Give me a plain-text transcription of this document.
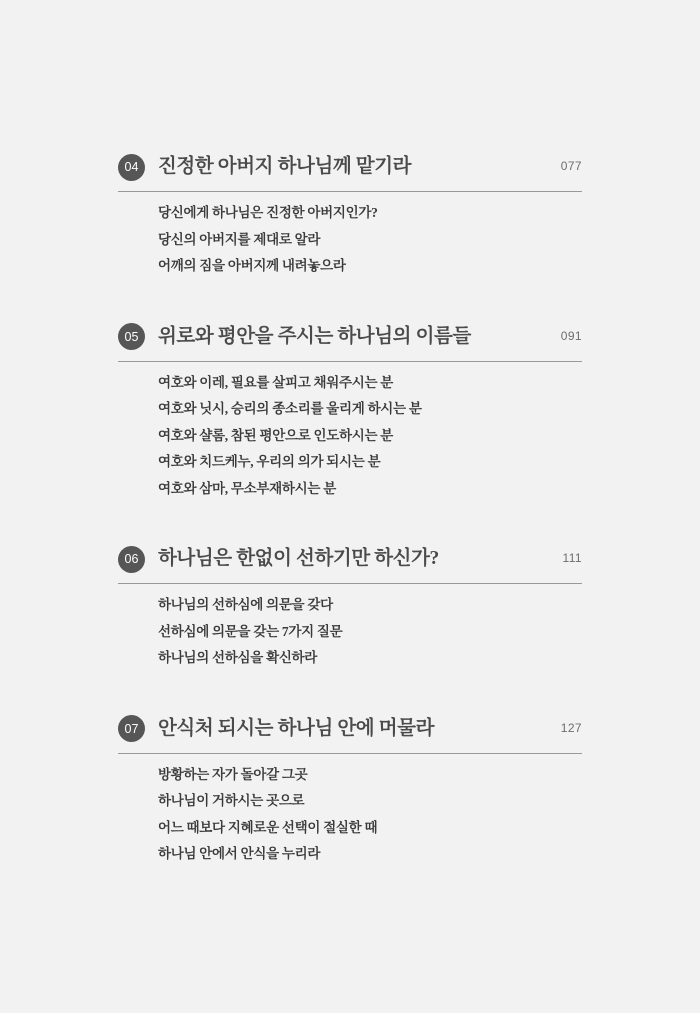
04	진정한 아버지 하나님께 맡기라	077
당신에게 하나님은 진정한 아버지인가?
당신의 아버지를 제대로 알라
어깨의 짐을 아버지께 내려놓으라
05	위로와 평안을 주시는 하나님의 이름들	091
여호와 이레, 필요를 살피고 채워주시는 분
여호와 닛시, 승리의 종소리를 울리게 하시는 분
여호와 샬롬, 참된 평안으로 인도하시는 분
여호와 치드케누, 우리의 의가 되시는 분
여호와 삼마, 무소부재하시는 분
06	하나님은 한없이 선하기만 하신가?	111
하나님의 선하심에 의문을 갖다
선하심에 의문을 갖는 7가지 질문
하나님의 선하심을 확신하라
07	안식처 되시는 하나님 안에 머물라	127
방황하는 자가 돌아갈 그곳
하나님이 거하시는 곳으로
어느 때보다 지혜로운 선택이 절실한 때
하나님 안에서 안식을 누리라
